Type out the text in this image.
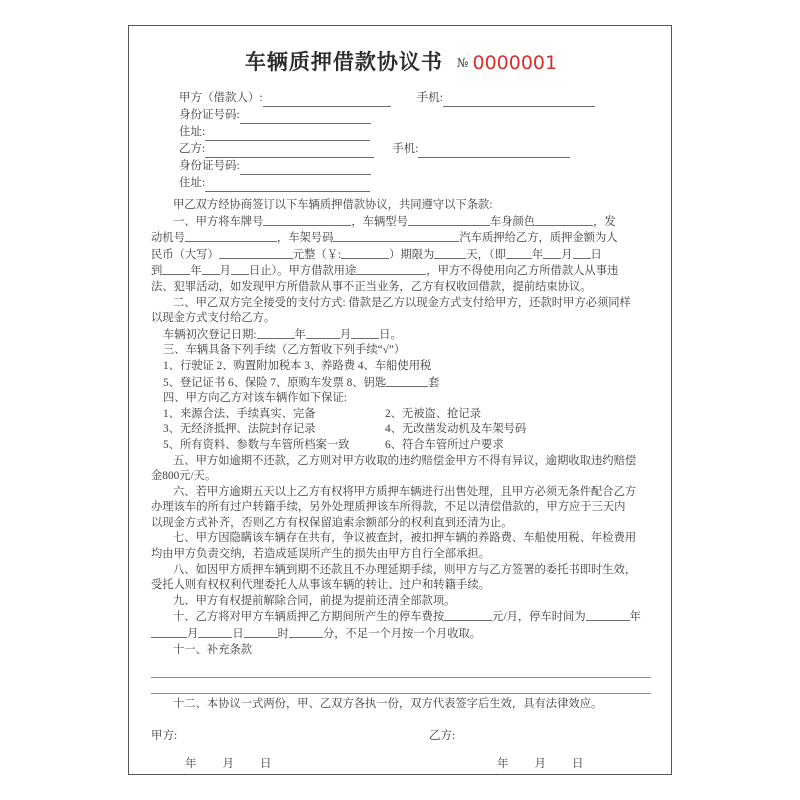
车辆质押借款协议书 № 0000001
甲方（借款人）:	手机:
身份证号码:
住址:
乙方:	手机:
身份证号码:
住址:

甲乙双方经协商签订以下车辆质押借款协议，共同遵守以下条款:

一、甲方将车牌号	，车辆型号	车身颜色	，发

动机号	，车架号码	汽车质押给乙方，质押金额为人

民币（大写）	元整（￥:	）期限为	天，（即 年 月 日

到 年 月 日止）。甲方借款用途	，甲方不得使用向乙方所借款人从事违

法、犯罪活动，如发现甲方所借款从事不正当业务，乙方有权收回借款，提前结束协议。

二、甲乙双方完全接受的支付方式: 借款是乙方以现金方式支付给甲方，还款时甲方必须同样

以现金方式支付给乙方。

车辆初次登记日期:	年	月 日。

三、车辆具备下列手续（乙方暂收下列手续“√”）

1、行驶证 2、购置附加税本 3、养路费 4、车船使用税

5、登记证书 6、保险 7、原购车发票 8、钥匙	套

四、甲方向乙方对该车辆作如下保证:

1、来源合法、手续真实、完备	2、无被盗、抢记录
3、无经济抵押、法院封存记录	4、无改凿发动机及车架号码
5、所有资料、参数与车管所档案一致	6、符合车管所过户要求

五、甲方如逾期不还款，乙方则对甲方收取的违约赔偿金甲方不得有异议，逾期收取违约赔偿

金800元/天。

六、若甲方逾期五天以上乙方有权将甲方质押车辆进行出售处理，且甲方必须无条件配合乙方

办理该车的所有过户转籍手续，另外处理质押该车所得款，不足以清偿借款的，甲方应于三天内

以现金方式补齐，否则乙方有权保留追索余额部分的权利直到还清为止。

七、甲方因隐瞒该车辆存在共有，争议被查封，被扣押车辆的养路费、车船使用税、年检费用

均由甲方负责交纳，若造成延误所产生的损失由甲方自行全部承担。

八、如因甲方质押车辆到期不还款且不办理延期手续，则甲方与乙方签署的委托书即时生效，

受托人则有权权利代理委托人从事该车辆的转让、过户和转籍手续。

九、甲方有权提前解除合同，前提为提前还清全部款项。

十、乙方将对甲方车辆质押乙方期间所产生的停车费按	元/月，停车时间为	年

月	日	时	分，不足一个月按一个月收取。

十一、补充条款

十二、本协议一式两份，甲、乙双方各执一份，双方代表签字后生效，具有法律效应。

甲方:	乙方:
年 月 日	年 月 日
